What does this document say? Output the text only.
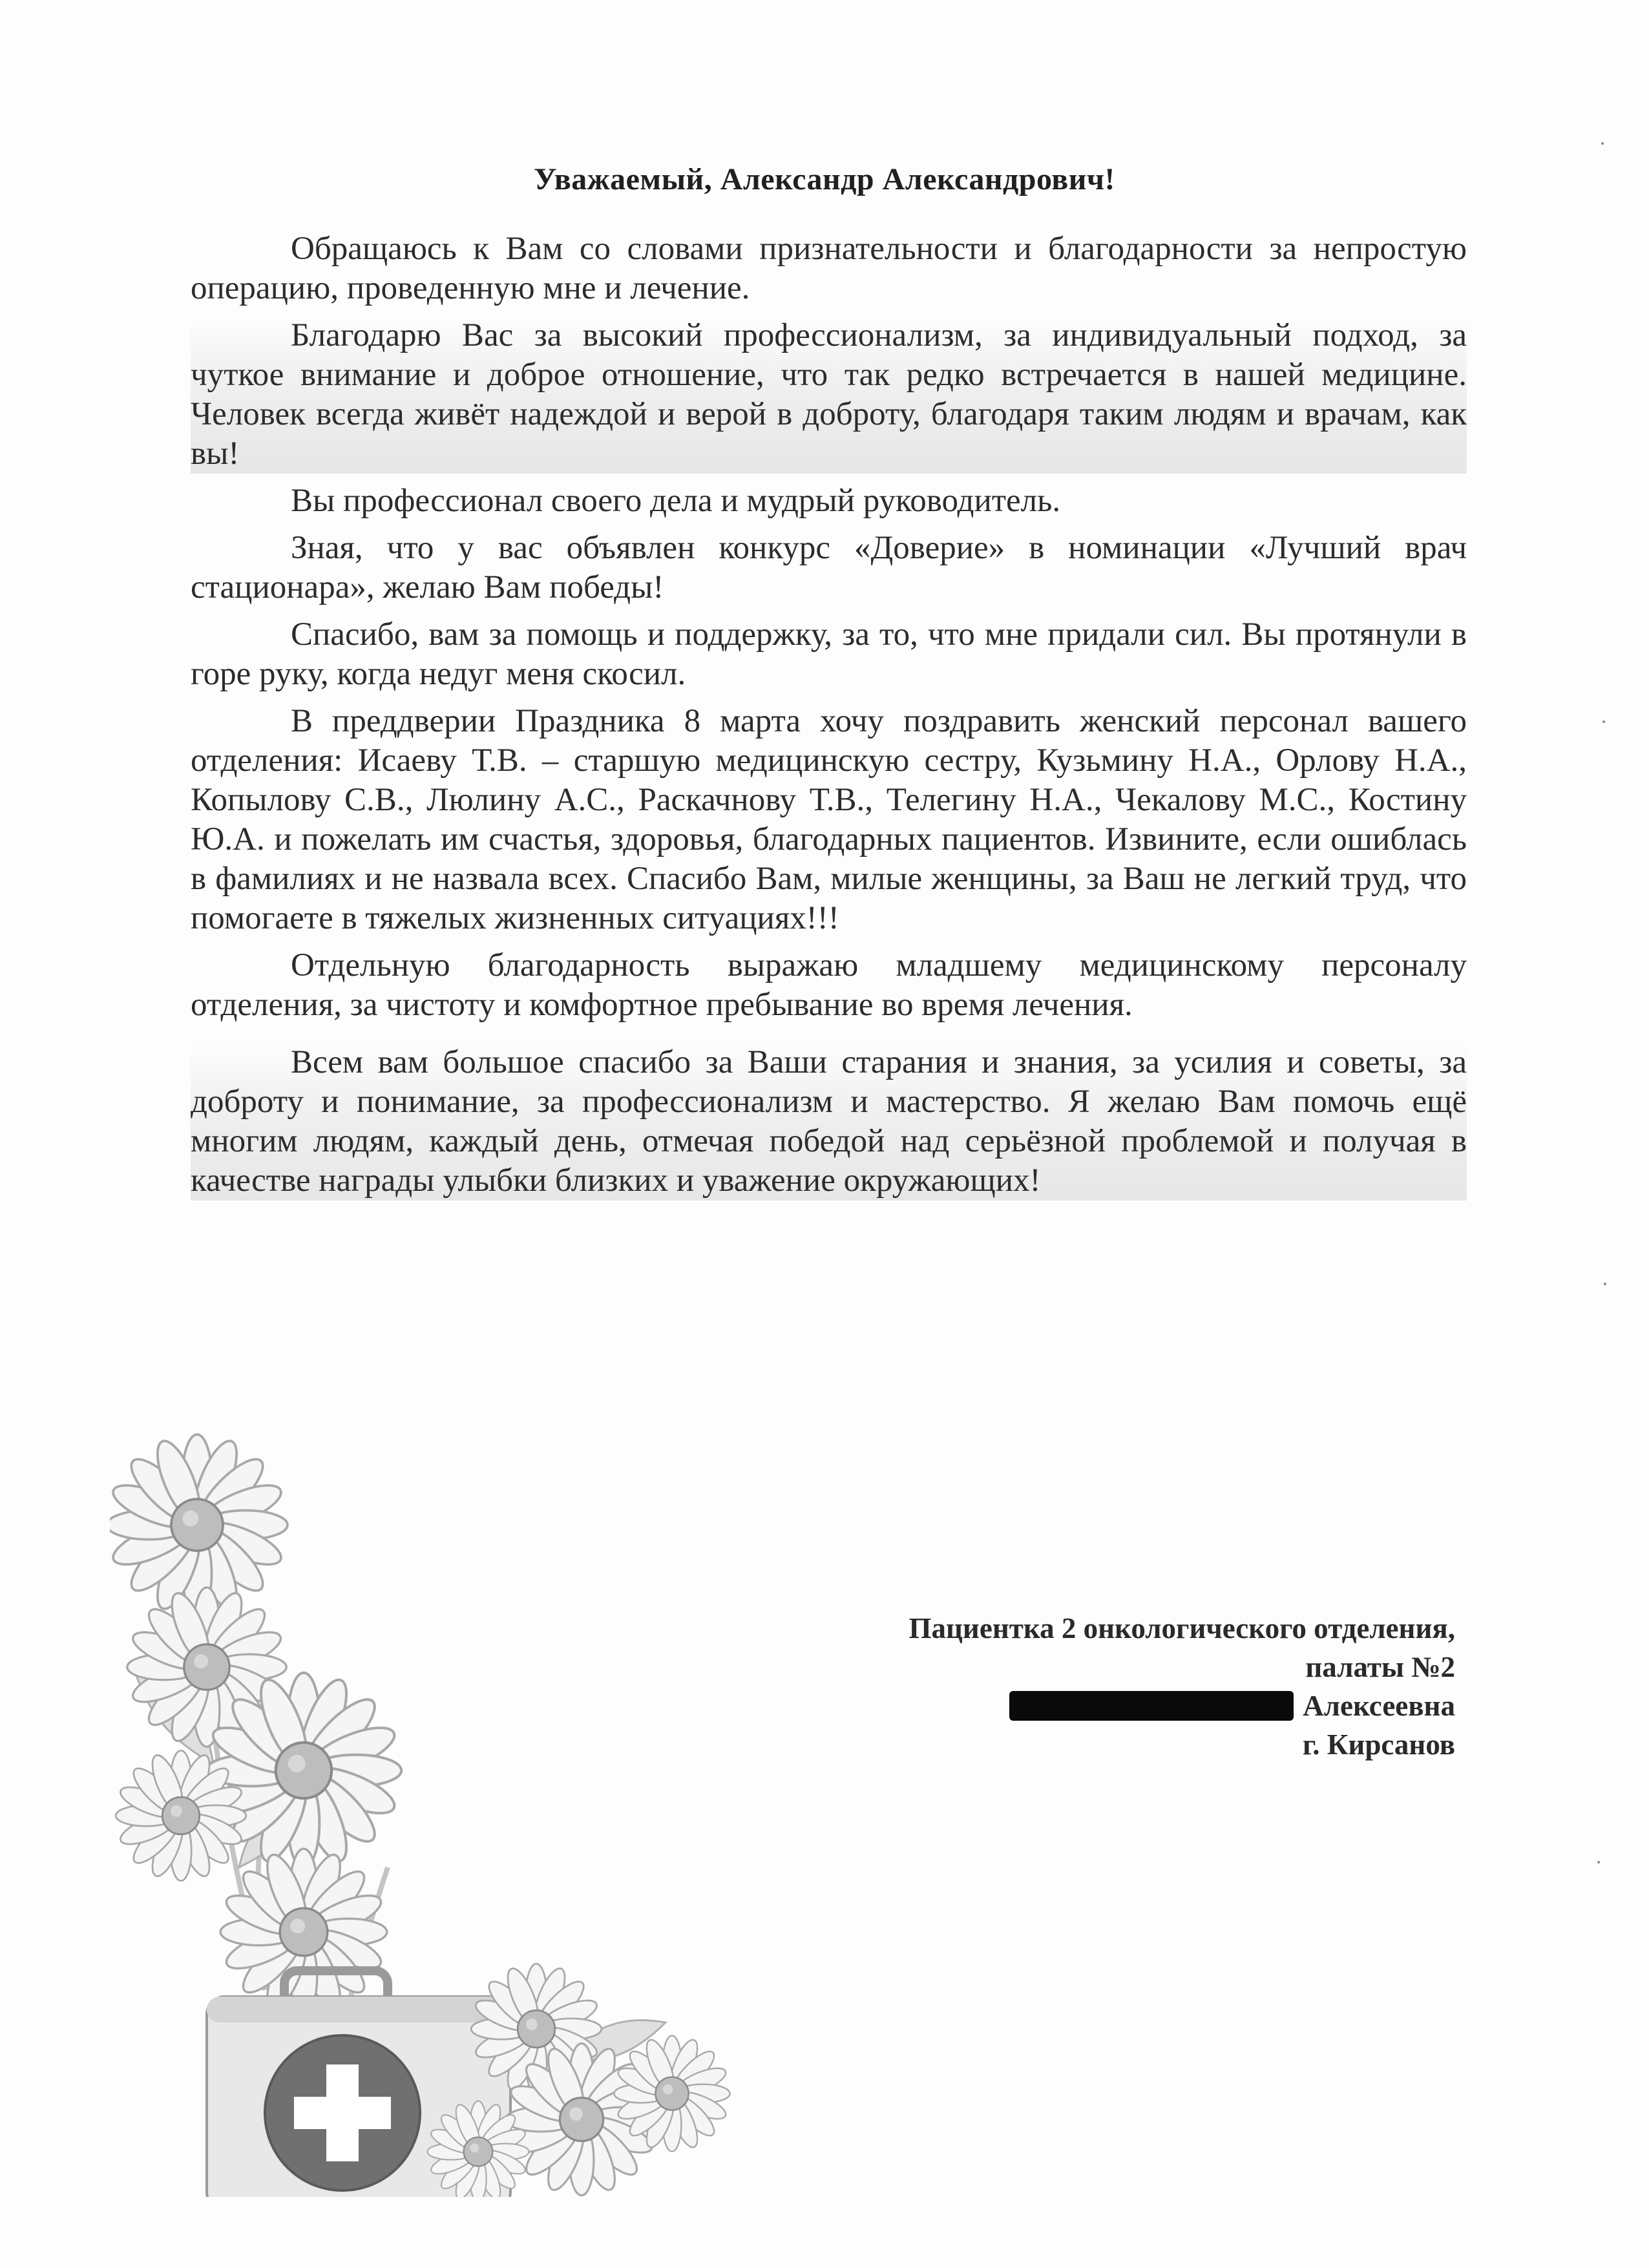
Уважаемый, Александр Александрович!

Обращаюсь к Вам со словами признательности и благодарности за непростую операцию, проведенную мне и лечение.

Благодарю Вас за высокий профессионализм, за индивидуальный подход, за чуткое внимание и доброе отношение, что так редко встречается в нашей медицине. Человек всегда живёт надеждой и верой в доброту, благодаря таким людям и врачам, как вы!

Вы профессионал своего дела и мудрый руководитель.

Зная, что у вас объявлен конкурс «Доверие» в номинации «Лучший врач стационара», желаю Вам победы!

Спасибо, вам за помощь и поддержку, за то, что мне придали сил. Вы протянули в горе руку, когда недуг меня скосил.

В преддверии Праздника 8 марта хочу поздравить женский персонал вашего отделения: Исаеву Т.В. – старшую медицинскую сестру, Кузьмину Н.А., Орлову Н.А., Копылову С.В., Люлину А.С., Раскачнову Т.В., Телегину Н.А., Чекалову М.С., Костину Ю.А. и пожелать им счастья, здоровья, благодарных пациентов. Извините, если ошиблась в фамилиях и не назвала всех. Спасибо Вам, милые женщины, за Ваш не легкий труд, что помогаете в тяжелых жизненных ситуациях!!!

Отдельную благодарность выражаю младшему медицинскому персоналу отделения, за чистоту и комфортное пребывание во время лечения.

Всем вам большое спасибо за Ваши старания и знания, за усилия и советы, за доброту и понимание, за профессионализм и мастерство. Я желаю Вам помочь ещё многим людям, каждый день, отмечая победой над серьёзной проблемой и получая в качестве награды улыбки близких и уважение окружающих!

Пациентка 2 онкологического отделения,
палаты №2
Алексеевна
г. Кирсанов
